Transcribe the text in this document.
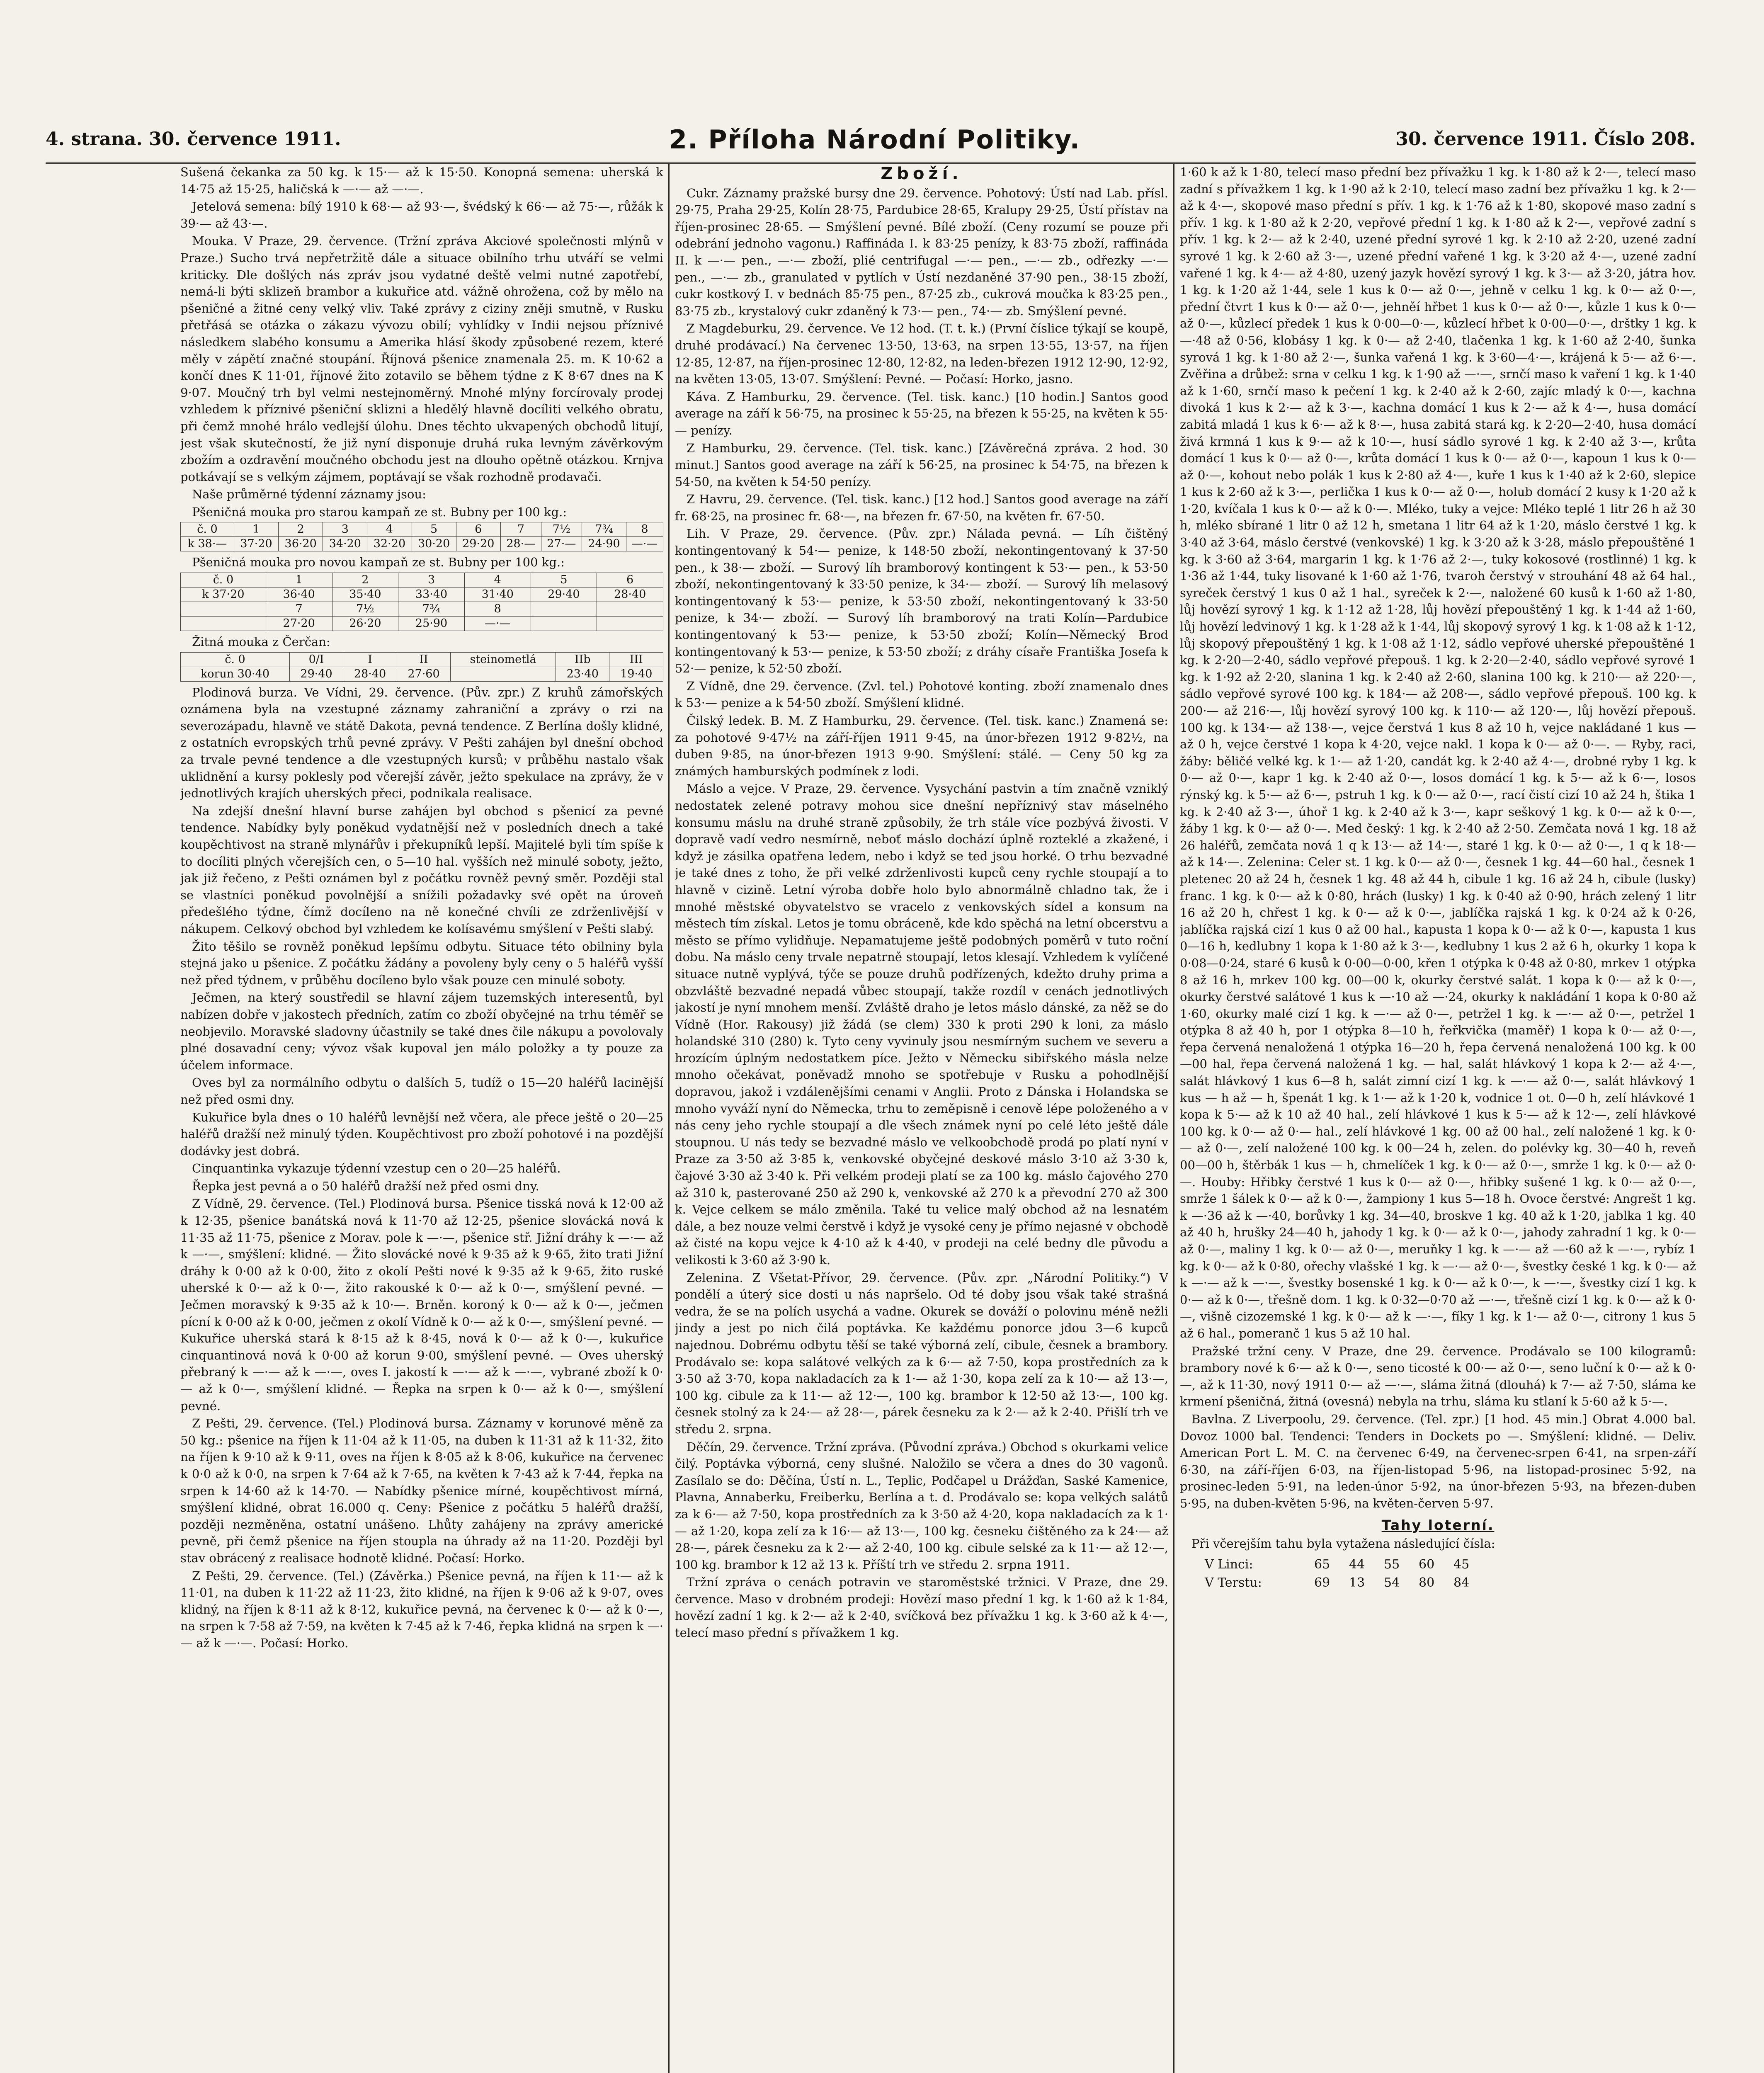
4. strana. 30. července 1911.	2. Příloha Národní Politiky.	30. července 1911. Číslo 208.

Sušená čekanka za 50 kg. k 15·— až k 15·50. Konopná semena: uherská k 14·75 až 15·25, haličská k —·— až —·—.

Jetelová semena: bílý 1910 k 68·— až 93·—, švédský k 66·— až 75·—, růžák k 39·— až 43·—.

Mouka. V Praze, 29. července. (Tržní zpráva Akciové společnosti mlýnů v Praze.) Sucho trvá nepřetržitě dále a situace obilního trhu utváří se velmi kriticky. Dle došlých nás zpráv jsou vydatné deště velmi nutné zapotřebí, nemá-li býti sklizeň brambor a kukuřice atd. vážně ohrožena, což by mělo na pšeničné a žitné ceny velký vliv. Také zprávy z ciziny zněji smutně, v Rusku přetřásá se otázka o zákazu vývozu obilí; vyhlídky v Indii nejsou příznivé následkem slabého konsumu a Amerika hlásí škody způsobené rezem, které měly v zápětí značné stoupání. Říjnová pšenice znamenala 25. m. K 10·62 a končí dnes K 11·01, říjnové žito zotavilo se během týdne z K 8·67 dnes na K 9·07. Moučný trh byl velmi nestejnoměrný. Mnohé mlýny forcírovaly prodej vzhledem k příznivé pšeniční sklizni a hledělý hlavně docíliti velkého obratu, při čemž mnohé hrálo vedlejší úlohu. Dnes těchto ukvapených obchodů litují, jest však skutečností, že již nyní disponuje druhá ruka levným závěrkovým zbožím a ozdravění moučného obchodu jest na dlouho opětně otázkou. Krnjva potkávají se s velkým zájmem, poptávají se však rozhodně prodavači.

Naše průměrné týdenní záznamy jsou:

Pšeničná mouka pro starou kampaň ze st. Bubny per 100 kg.:

č. 0	1	2	3	4	5	6	7	7½	7¾	8
k 38·—	37·20	36·20	34·20	32·20	30·20	29·20	28·—	27·—	24·90	—·—

Pšeničná mouka pro novou kampaň ze st. Bubny per 100 kg.:

č. 0	1	2	3	4	5	6
k 37·20	36·40	35·40	33·40	31·40	29·40	28·40
	7	7½	7¾	8		
	27·20	26·20	25·90	—·—		

Žitná mouka z Čerčan:

č. 0	0/I	I	II	steinometlá	IIb	III
korun 30·40	29·40	28·40	27·60		23·40	19·40

Plodinová burza. Ve Vídni, 29. července. (Pův. zpr.) Z kruhů zámořských oznámena byla na vzestupné záznamy zahraniční a zprávy o rzi na severozápadu, hlavně ve státě Dakota, pevná tendence. Z Berlína došly klidné, z ostatních evropských trhů pevné zprávy. V Pešti zahájen byl dnešní obchod za trvale pevné tendence a dle vzestupných kursů; v průběhu nastalo však uklidnění a kursy poklesly pod včerejší závěr, ježto spekulace na zprávy, že v jednotlivých krajích uherských přeci, podnikala realisace.

Na zdejší dnešní hlavní burse zahájen byl obchod s pšenicí za pevné tendence. Nabídky byly poněkud vydatnější než v posledních dnech a také koupěchtivost na straně mlynářův i překupníků lepší. Majitelé byli tím spíše k to docíliti plných včerejších cen, o 5—10 hal. vyšších než minulé soboty, ježto, jak již řečeno, z Pešti oznámen byl z počátku rovněž pevný směr. Později stal se vlastníci poněkud povolnější a snížili požadavky své opět na úroveň předešlého týdne, čímž docíleno na ně konečné chvíli ze zdrženlivější v nákupem. Celkový obchod byl vzhledem ke kolísavému smýšlení v Pešti slabý.

Žito těšilo se rovněž poněkud lepšímu odbytu. Situace této obilniny byla stejná jako u pšenice. Z počátku žádány a povoleny byly ceny o 5 haléřů vyšší než před týdnem, v průběhu docíleno bylo však pouze cen minulé soboty.

Ječmen, na který soustředil se hlavní zájem tuzemských interesentů, byl nabízen dobře v jakostech předních, zatím co zboží obyčejné na trhu téměř se neobjevilo. Moravské sladovny účastnily se také dnes čile nákupu a povolovaly plné dosavadní ceny; vývoz však kupoval jen málo položky a ty pouze za účelem informace.

Oves byl za normálního odbytu o dalších 5, tudíž o 15—20 haléřů lacinější než před osmi dny.

Kukuřice byla dnes o 10 haléřů levnější než včera, ale přece ještě o 20—25 haléřů dražší než minulý týden. Koupěchtivost pro zboží pohotové i na pozdější dodávky jest dobrá.

Cinquantinka vykazuje týdenní vzestup cen o 20—25 haléřů.

Řepka jest pevná a o 50 haléřů dražší než před osmi dny.

Z Vídně, 29. července. (Tel.) Plodinová bursa. Pšenice tisská nová k 12·00 až k 12·35, pšenice banátská nová k 11·70 až 12·25, pšenice slovácká nová k 11·35 až 11·75, pšenice z Morav. pole k —·—, pšenice stř. Jižní dráhy k —·— až k —·—, smýšlení: klidné. — Žito slovácké nové k 9·35 až k 9·65, žito trati Jižní dráhy k 0·00 až k 0·00, žito z okolí Pešti nové k 9·35 až k 9·65, žito ruské uherské k 0·— až k 0·—, žito rakouské k 0·— až k 0·—, smýšlení pevné. — Ječmen moravský k 9·35 až k 10·—. Brněn. koroný k 0·— až k 0·—, ječmen pícní k 0·00 až k 0·00, ječmen z okolí Vídně k 0·— až k 0·—, smýšlení pevné. — Kukuřice uherská stará k 8·15 až k 8·45, nová k 0·— až k 0·—, kukuřice cinquantinová nová k 0·00 až korun 9·00, smýšlení pevné. — Oves uherský přebraný k —·— až k —·—, oves I. jakostí k —·— až k —·—, vybrané zboží k 0·— až k 0·—, smýšlení klidné. — Řepka na srpen k 0·— až k 0·—, smýšlení pevné.

Z Pešti, 29. července. (Tel.) Plodinová bursa. Záznamy v korunové měně za 50 kg.: pšenice na říjen k 11·04 až k 11·05, na duben k 11·31 až k 11·32, žito na říjen k 9·10 až k 9·11, oves na říjen k 8·05 až k 8·06, kukuřice na červenec k 0·0 až k 0·0, na srpen k 7·64 až k 7·65, na květen k 7·43 až k 7·44, řepka na srpen k 14·60 až k 14·70. — Nabídky pšenice mírné, koupěchtivost mírná, smýšlení klidné, obrat 16.000 q. Ceny: Pšenice z počátku 5 haléřů dražší, později nezměněna, ostatní unášeno. Lhůty zahájeny na zprávy americké pevně, při čemž pšenice na říjen stoupla na úhrady až na 11·20. Později byl stav obrácený z realisace hodnotě klidné. Počasí: Horko.

Z Pešti, 29. července. (Tel.) (Závěrka.) Pšenice pevná, na říjen k 11·— až k 11·01, na duben k 11·22 až 11·23, žito klidné, na říjen k 9·06 až k 9·07, oves klidný, na říjen k 8·11 až k 8·12, kukuřice pevná, na červenec k 0·— až k 0·—, na srpen k 7·58 až 7·59, na květen k 7·45 až k 7·46, řepka klidná na srpen k —·— až k —·—. Počasí: Horko.

Zboží.

Cukr. Záznamy pražské bursy dne 29. července. Pohotový: Ústí nad Lab. přísl. 29·75, Praha 29·25, Kolín 28·75, Pardubice 28·65, Kralupy 29·25, Ústí přístav na říjen-prosinec 28·65. — Smýšlení pevné. Bílé zboží. (Ceny rozumí se pouze při odebrání jednoho vagonu.) Raffináda I. k 83·25 penízy, k 83·75 zboží, raffináda II. k —·— pen., —·— zboží, plié centrifugal —·— pen., —·— zb., odřezky —·— pen., —·— zb., granulated v pytlích v Ústí nezdaněné 37·90 pen., 38·15 zboží, cukr kostkový I. v bednách 85·75 pen., 87·25 zb., cukrová moučka k 83·25 pen., 83·75 zb., krystalový cukr zdaněný k 73·— pen., 74·— zb. Smýšlení pevné.

Z Magdeburku, 29. července. Ve 12 hod. (T. t. k.) (První číslice týkají se koupě, druhé prodávací.) Na červenec 13·50, 13·63, na srpen 13·55, 13·57, na říjen 12·85, 12·87, na říjen-prosinec 12·80, 12·82, na leden-březen 1912 12·90, 12·92, na květen 13·05, 13·07. Smýšlení: Pevné. — Počasí: Horko, jasno.

Káva. Z Hamburku, 29. července. (Tel. tisk. kanc.) [10 hodin.] Santos good average na září k 56·75, na prosinec k 55·25, na březen k 55·25, na květen k 55·— penízy.

Z Hamburku, 29. července. (Tel. tisk. kanc.) [Závěrečná zpráva. 2 hod. 30 minut.] Santos good average na září k 56·25, na prosinec k 54·75, na březen k 54·50, na květen k 54·50 penízy.

Z Havru, 29. července. (Tel. tisk. kanc.) [12 hod.] Santos good average na září fr. 68·25, na prosinec fr. 68·—, na březen fr. 67·50, na květen fr. 67·50.

Lih. V Praze, 29. července. (Pův. zpr.) Nálada pevná. — Líh čištěný kontingentovaný k 54·— penize, k 148·50 zboží, nekontingentovaný k 37·50 pen., k 38·— zboží. — Surový líh bramborový kontingent k 53·— pen., k 53·50 zboží, nekontingentovaný k 33·50 penize, k 34·— zboží. — Surový líh melasový kontingentovaný k 53·— penize, k 53·50 zboží, nekontingentovaný k 33·50 penize, k 34·— zboží. — Surový líh bramborový na trati Kolín—Pardubice kontingentovaný k 53·— penize, k 53·50 zboží; Kolín—Německý Brod kontingentovaný k 53·— penize, k 53·50 zboží; z dráhy císaře Františka Josefa k 52·— penize, k 52·50 zboží.

Z Vídně, dne 29. července. (Zvl. tel.) Pohotové konting. zboží znamenalo dnes k 53·— penize a k 54·50 zboží. Smýšlení klidné.

Čilský ledek. B. M. Z Hamburku, 29. července. (Tel. tisk. kanc.) Znamená se: za pohotové 9·47½ na září-říjen 1911 9·45, na únor-březen 1912 9·82½, na duben 9·85, na únor-březen 1913 9·90. Smýšlení: stálé. — Ceny 50 kg za známých hamburských podmínek z lodi.

Máslo a vejce. V Praze, 29. července. Vysychání pastvin a tím značně vzniklý nedostatek zelené potravy mohou sice dnešní nepříznivý stav máselného konsumu máslu na druhé straně způsobily, že trh stále více pozbývá živosti. V dopravě vadí vedro nesmírně, neboť máslo dochází úplně rozteklé a zkažené, i když je zásilka opatřena ledem, nebo i když se ted jsou horké. O trhu bezvadné je také dnes z toho, že při velké zdrženlivosti kupců ceny rychle stoupají a to hlavně v cizině. Letní výroba dobře holo bylo abnormálně chladno tak, že i mnohé městské obyvatelstvo se vracelo z venkovských sídel a konsum na městech tím získal. Letos je tomu obráceně, kde kdo spěchá na letní obcerstvu a město se přímo vylidňuje. Nepamatujeme ještě podobných poměrů v tuto roční dobu. Na máslo ceny trvale nepatrně stoupají, letos klesají. Vzhledem k vylíčené situace nutně vyplývá, týče se pouze druhů podřízených, kdežto druhy prima a obzvláště bezvadné nepadá vůbec stoupají, takže rozdíl v cenách jednotlivých jakostí je nyní mnohem menší. Zvláště draho je letos máslo dánské, za něž se do Vídně (Hor. Rakousy) již žádá (se clem) 330 k proti 290 k loni, za máslo holandské 310 (280) k. Tyto ceny vyvinuly jsou nesmírným suchem ve severu a hrozícím úplným nedostatkem píce. Ježto v Německu sibiřského másla nelze mnoho očekávat, poněvadž mnoho se spotřebuje v Rusku a pohodlnější dopravou, jakož i vzdálenějšími cenami v Anglii. Proto z Dánska i Holandska se mnoho vyváží nyní do Německa, trhu to zeměpisně i cenově lépe položeného a v nás ceny jeho rychle stoupají a dle všech známek nyní po celé léto ještě dále stoupnou. U nás tedy se bezvadné máslo ve velkoobchodě prodá po platí nyní v Praze za 3·50 až 3·85 k, venkovské obyčejné deskové máslo 3·10 až 3·30 k, čajové 3·30 až 3·40 k. Při velkém prodeji platí se za 100 kg. máslo čajového 270 až 310 k, pasterované 250 až 290 k, venkovské až 270 k a převodní 270 až 300 k. Vejce celkem se málo změnila. Také tu velice malý obchod až na lesnatém dále, a bez nouze velmi čerstvě i když je vysoké ceny je přímo nejasné v obchodě až čisté na kopu vejce k 4·10 až k 4·40, v prodeji na celé bedny dle původu a velikosti k 3·60 až 3·90 k.

Zelenina. Z Všetat-Přívor, 29. července. (Pův. zpr. „Národní Politiky.“) V pondělí a úterý sice dosti u nás napršelo. Od té doby jsou však také strašná vedra, že se na polích usychá a vadne. Okurek se dováží o polovinu méně nežli jindy a jest po nich čilá poptávka. Ke každému ponorce jdou 3—6 kupců najednou. Dobrému odbytu těší se také výborná zelí, cibule, česnek a brambory. Prodávalo se: kopa salátové velkých za k 6·— až 7·50, kopa prostředních za k 3·50 až 3·70, kopa nakladacích za k 1·— až 1·30, kopa zelí za k 10·— až 13·—, 100 kg. cibule za k 11·— až 12·—, 100 kg. brambor k 12·50 až 13·—, 100 kg. česnek stolný za k 24·— až 28·—, párek česneku za k 2·— až k 2·40. Přišlí trh ve středu 2. srpna.

Děčín, 29. července. Tržní zpráva. (Původní zpráva.) Obchod s okurkami velice čilý. Poptávka výborná, ceny slušné. Naložilo se včera a dnes do 30 vagonů. Zasílalo se do: Děčína, Ústí n. L., Teplic, Podčapel u Drážďan, Saské Kamenice, Plavna, Annaberku, Freiberku, Berlína a t. d. Prodávalo se: kopa velkých salátů za k 6·— až 7·50, kopa prostředních za k 3·50 až 4·20, kopa nakladacích za k 1·— až 1·20, kopa zelí za k 16·— až 13·—, 100 kg. česneku čištěného za k 24·— až 28·—, párek česneku za k 2·— až 2·40, 100 kg. cibule selské za k 11·— až 12·—, 100 kg. brambor k 12 až 13 k. Příští trh ve středu 2. srpna 1911.

Tržní zpráva o cenách potravin ve staroměstské tržnici. V Praze, dne 29. července. Maso v drobném prodeji: Hovězí maso přední 1 kg. k 1·60 až k 1·84, hovězí zadní 1 kg. k 2·— až k 2·40, svíčková bez přívažku 1 kg. k 3·60 až k 4·—, telecí maso přední s přívažkem 1 kg.

1·60 k až k 1·80, telecí maso přední bez přívažku 1 kg. k 1·80 až k 2·—, telecí maso zadní s přívažkem 1 kg. k 1·90 až k 2·10, telecí maso zadní bez přívažku 1 kg. k 2·— až k 4·—, skopové maso přední s přív. 1 kg. k 1·76 až k 1·80, skopové maso zadní s přív. 1 kg. k 1·80 až k 2·20, vepřové přední 1 kg. k 1·80 až k 2·—, vepřové zadní s přív. 1 kg. k 2·— až k 2·40, uzené přední syrové 1 kg. k 2·10 až 2·20, uzené zadní syrové 1 kg. k 2·60 až 3·—, uzené přední vařené 1 kg. k 3·20 až 4·—, uzené zadní vařené 1 kg. k 4·— až 4·80, uzený jazyk hovězí syrový 1 kg. k 3·— až 3·20, játra hov. 1 kg. k 1·20 až 1·44, sele 1 kus k 0·— až 0·—, jehně v celku 1 kg. k 0·— až 0·—, přední čtvrt 1 kus k 0·— až 0·—, jehněí hřbet 1 kus k 0·— až 0·—, kůzle 1 kus k 0·— až 0·—, kůzlecí předek 1 kus k 0·00—0·—, kůzlecí hřbet k 0·00—0·—, drštky 1 kg. k —·48 až 0·56, klobásy 1 kg. k 0·— až 2·40, tlačenka 1 kg. k 1·60 až 2·40, šunka syrová 1 kg. k 1·80 až 2·—, šunka vařená 1 kg. k 3·60—4·—, krájená k 5·— až 6·—. Zvěřina a drůbež: srna v celku 1 kg. k 1·90 až —·—, srnčí maso k vaření 1 kg. k 1·40 až k 1·60, srnčí maso k pečení 1 kg. k 2·40 až k 2·60, zajíc mladý k 0·—, kachna divoká 1 kus k 2·— až k 3·—, kachna domácí 1 kus k 2·— až k 4·—, husa domácí zabitá mladá 1 kus k 6·— až k 8·—, husa zabitá stará kg. k 2·20—2·40, husa domácí živá krmná 1 kus k 9·— až k 10·—, husí sádlo syrové 1 kg. k 2·40 až 3·—, krůta domácí 1 kus k 0·— až 0·—, krůta domácí 1 kus k 0·— až 0·—, kapoun 1 kus k 0·— až 0·—, kohout nebo polák 1 kus k 2·80 až 4·—, kuře 1 kus k 1·40 až k 2·60, slepice 1 kus k 2·60 až k 3·—, perlička 1 kus k 0·— až 0·—, holub domácí 2 kusy k 1·20 až k 1·20, kvíčala 1 kus k 0·— až k 0·—. Mléko, tuky a vejce: Mléko teplé 1 litr 26 h až 30 h, mléko sbírané 1 litr 0 až 12 h, smetana 1 litr 64 až k 1·20, máslo čerstvé 1 kg. k 3·40 až 3·64, máslo čerstvé (venkovské) 1 kg. k 3·20 až k 3·28, máslo přepouštěné 1 kg. k 3·60 až 3·64, margarin 1 kg. k 1·76 až 2·—, tuky kokosové (rostlinné) 1 kg. k 1·36 až 1·44, tuky lisované k 1·60 až 1·76, tvaroh čerstvý v strouhání 48 až 64 hal., syreček čerstvý 1 kus 0 až 1 hal., syreček k 2·—, naložené 60 kusů k 1·60 až 1·80, lůj hovězí syrový 1 kg. k 1·12 až 1·28, lůj hovězí přepouštěný 1 kg. k 1·44 až 1·60, lůj hovězí ledvinový 1 kg. k 1·28 až k 1·44, lůj skopový syrový 1 kg. k 1·08 až k 1·12, lůj skopový přepouštěný 1 kg. k 1·08 až 1·12, sádlo vepřové uherské přepouštěné 1 kg. k 2·20—2·40, sádlo vepřové přepouš. 1 kg. k 2·20—2·40, sádlo vepřové syrové 1 kg. k 1·92 až 2·20, slanina 1 kg. k 2·40 až 2·60, slanina 100 kg. k 210·— až 220·—, sádlo vepřové syrové 100 kg. k 184·— až 208·—, sádlo vepřové přepouš. 100 kg. k 200·— až 216·—, lůj hovězí syrový 100 kg. k 110·— až 120·—, lůj hovězí přepouš. 100 kg. k 134·— až 138·—, vejce čerstvá 1 kus 8 až 10 h, vejce nakládané 1 kus — až 0 h, vejce čerstvé 1 kopa k 4·20, vejce nakl. 1 kopa k 0·— až 0·—. — Ryby, raci, žáby: běličé velké kg. k 1·— až 1·20, candát kg. k 2·40 až 4·—, drobné ryby 1 kg. k 0·— až 0·—, kapr 1 kg. k 2·40 až 0·—, losos domácí 1 kg. k 5·— až k 6·—, losos rýnský kg. k 5·— až 6·—, pstruh 1 kg. k 0·— až 0·—, rací čistí cizí 10 až 24 h, štika 1 kg. k 2·40 až 3·—, úhoř 1 kg. k 2·40 až k 3·—, kapr seškový 1 kg. k 0·— až k 0·—, žáby 1 kg. k 0·— až 0·—. Med český: 1 kg. k 2·40 až 2·50. Zemčata nová 1 kg. 18 až 26 haléřů, zemčata nová 1 q k 13·— až 14·—, staré 1 kg. k 0·— až 0·—, 1 q k 18·— až k 14·—. Zelenina: Celer st. 1 kg. k 0·— až 0·—, česnek 1 kg. 44—60 hal., česnek 1 pletenec 20 až 24 h, česnek 1 kg. 48 až 44 h, cibule 1 kg. 16 až 24 h, cibule (lusky) franc. 1 kg. k 0·— až k 0·80, hrách (lusky) 1 kg. k 0·40 až 0·90, hrách zelený 1 litr 16 až 20 h, chřest 1 kg. k 0·— až k 0·—, jablíčka rajská 1 kg. k 0·24 až k 0·26, jablíčka rajská cizí 1 kus 0 až 00 hal., kapusta 1 kopa k 0·— až k 0·—, kapusta 1 kus 0—16 h, kedlubny 1 kopa k 1·80 až k 3·—, kedlubny 1 kus 2 až 6 h, okurky 1 kopa k 0·08—0·24, staré 6 kusů k 0·00—0·00, křen 1 otýpka k 0·48 až 0·80, mrkev 1 otýpka 8 až 16 h, mrkev 100 kg. 00—00 k, okurky čerstvé salát. 1 kopa k 0·— až k 0·—, okurky čerstvé salátové 1 kus k —·10 až —·24, okurky k nakládání 1 kopa k 0·80 až 1·60, okurky malé cizí 1 kg. k —·— až 0·—, petržel 1 kg. k —·— až 0·—, petržel 1 otýpka 8 až 40 h, por 1 otýpka 8—10 h, řeřkvička (maměř) 1 kopa k 0·— až 0·—, řepa červená nenaložená 1 otýpka 16—20 h, řepa červená nenaložená 100 kg. k 00—00 hal, řepa červená naložená 1 kg. — hal, salát hlávkový 1 kopa k 2·— až 4·—, salát hlávkový 1 kus 6—8 h, salát zimní cizí 1 kg. k —·— až 0·—, salát hlávkový 1 kus — h až — h, špenát 1 kg. k 1·— až k 1·20 k, vodnice 1 ot. 0—0 h, zelí hlávkové 1 kopa k 5·— až k 10 až 40 hal., zelí hlávkové 1 kus k 5·— až k 12·—, zelí hlávkové 100 kg. k 0·— až 0·— hal., zelí hlávkové 1 kg. 00 až 00 hal., zelí naložené 1 kg. k 0·— až 0·—, zelí naložené 100 kg. k 00—24 h, zelen. do polévky kg. 30—40 h, reveň 00—00 h, štěrbák 1 kus — h, chmelíček 1 kg. k 0·— až 0·—, smrže 1 kg. k 0·— až 0·—. Houby: Hřibky čerstvé 1 kus k 0·— až 0·—, hřibky sušené 1 kg. k 0·— až 0·—, smrže 1 šálek k 0·— až k 0·—, žampiony 1 kus 5—18 h. Ovoce čerstvé: Angrešt 1 kg. k —·36 až k —·40, borůvky 1 kg. 34—40, broskve 1 kg. 40 až k 1·20, jablka 1 kg. 40 až 40 h, hrušky 24—40 h, jahody 1 kg. k 0·— až k 0·—, jahody zahradní 1 kg. k 0·— až 0·—, maliny 1 kg. k 0·— až 0·—, meruňky 1 kg. k —·— až —·60 až k —·—, rybíz 1 kg. k 0·— až k 0·80, ořechy vlašské 1 kg. k —·— až 0·—, švestky české 1 kg. k 0·— až k —·— až k —·—, švestky bosenské 1 kg. k 0·— až k 0·—, k —·—, švestky cizí 1 kg. k 0·— až k 0·—, třešně dom. 1 kg. k 0·32—0·70 až —·—, třešně cizí 1 kg. k 0·— až k 0·—, višně cizozemské 1 kg. k 0·— až k —·—, fíky 1 kg. k 1·— až 0·—, citrony 1 kus 5 až 6 hal., pomeranč 1 kus 5 až 10 hal.

Pražské tržní ceny. V Praze, dne 29. července. Prodávalo se 100 kilogramů: brambory nové k 6·— až k 0·—, seno ticosté k 00·— až 0·—, seno luční k 0·— až k 0·—, až k 11·30, nový 1911 0·— až —·—, sláma žitná (dlouhá) k 7·— až 7·50, sláma ke krmení pšeničná, žitná (ovesná) nebyla na trhu, sláma ku stlaní k 5·60 až k 5·—.

Bavlna. Z Liverpoolu, 29. července. (Tel. zpr.) [1 hod. 45 min.] Obrat 4.000 bal. Dovoz 1000 bal. Tendenci: Tenders in Dockets po —. Smýšlení: klidné. — Deliv. American Port L. M. C. na červenec 6·49, na červenec-srpen 6·41, na srpen-září 6·30, na září-říjen 6·03, na říjen-listopad 5·96, na listopad-prosinec 5·92, na prosinec-leden 5·91, na leden-únor 5·92, na únor-březen 5·93, na březen-duben 5·95, na duben-květen 5·96, na květen-červen 5·97.

Tahy loterní.

Při včerejším tahu byla vytažena následující čísla:

V Linci:	65	44	55	60	45
V Terstu:	69	13	54	80	84
